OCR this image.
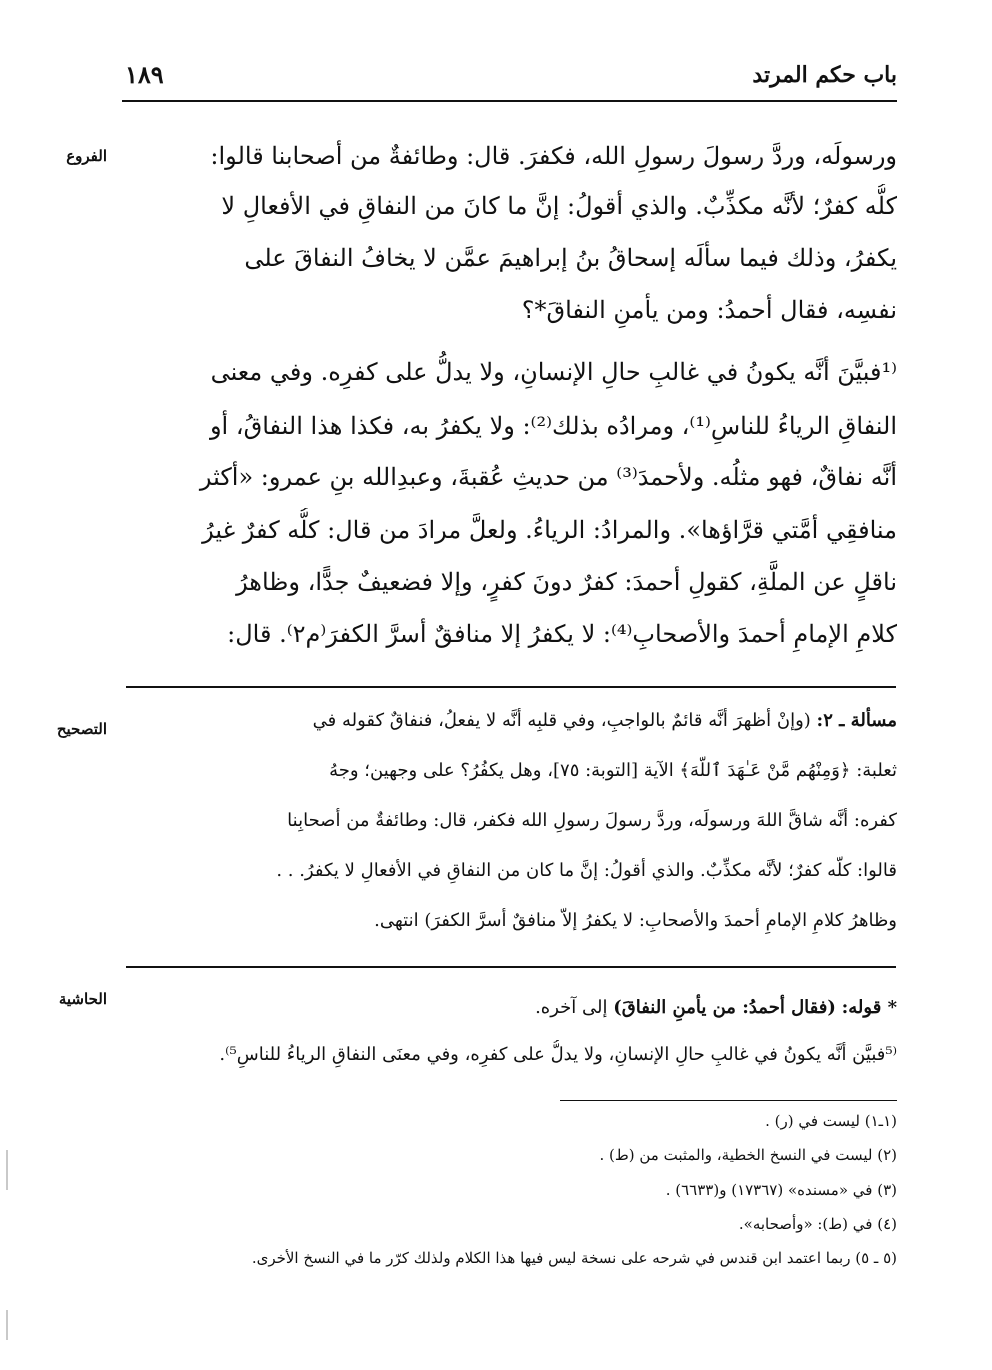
باب حكم المرتد
١٨٩
الفروع
التصحيح
الحاشية
ورسولَه، وردَّ رسولَ رسولِ الله، فكفرَ. قال: وطائفةٌ من أصحابنا قالوا:
كلُّه كفرٌ؛ لأنَّه مكذِّبٌ. والذي أقولُ: إنَّ ما كانَ من النفاقِ في الأفعالِ لا
يكفرُ، وذلك فيما سألَه إسحاقُ بنُ إبراهيمَ عمَّن لا يخافُ النفاقَ على
نفسِه، فقال أحمدُ: ومن يأمنِ النفاقَ*؟
⁽¹فبيَّنَ أنَّه يكونُ في غالبِ حالِ الإنسانِ، ولا يدلُّ على كفرِه. وفي معنى
النفاقِ الرياءُ للناسِ⁽¹⁾، ومرادُه بذلك⁽²⁾: ولا يكفرُ به، فكذا هذا النفاقُ، أو
أنَّه نفاقٌ، فهو مثلُه. ولأحمدَ⁽³⁾ من حديثِ عُقبةَ، وعبدِالله بنِ عمرو: «أكثر
منافقِي أمَّتي قرَّاؤها». والمرادُ: الرياءُ. ولعلَّ مرادَ من قال: كلُّه كفرٌ غيرُ
ناقلٍ عن الملَّةِ، كقولِ أحمدَ: كفرٌ دونَ كفرٍ، وإلا فضعيفٌ جدًّا، وظاهرُ
كلامِ الإمامِ أحمدَ والأصحابِ⁽⁴⁾: لا يكفرُ إلا منافقٌ أسرَّ الكفرَ⁽م٢⁾. قال:
مسألة ـ ٢: (وإنْ أظهرَ أنَّه قائمٌ بالواجبِ، وفي قلبِه أنَّه لا يفعلُ، فنفاقٌ كقوله في
ثعلبة: ﴿وَمِنْهُم مَّنْ عَـٰهَدَ ٱللَّهَ﴾ الآية [التوبة: ٧٥]، وهل يكفُرُ؟ على وجهين؛ وجهُ
كفره: أنَّه شاقَّ اللهَ ورسولَه، وردَّ رسولَ رسولِ الله فكفر، قال: وطائفةٌ من أصحابِنا
قالوا: كلُّه كفرٌ؛ لأنَّه مكذِّبٌ. والذي أقولُ: إنَّ ما كان من النفاقِ في الأفعالِ لا يكفرُ. . .
وظاهرُ كلامِ الإمامِ أحمدَ والأصحابِ: لا يكفرُ إلاّ منافقٌ أسرَّ الكفرَ) انتهى.
* قوله: (فقال أحمدُ: من يأمنِ النفاقَ) إلى آخره.
⁽⁵فبيَّن أنَّه يكونُ في غالبِ حالِ الإنسانِ، ولا يدلُّ على كفرِه، وفي معنَى النفاقِ الرياءُ للناسِ⁵⁾.
(١ـ١) ليست في (ر) .
(٢) ليست في النسخ الخطية، والمثبت من (ط) .
(٣) في «مسنده» (١٧٣٦٧) و(٦٦٣٣) .
(٤) في (ط): «وأصحابه».
(٥ ـ ٥) ربما اعتمد ابن قندس في شرحه على نسخة ليس فيها هذا الكلام ولذلك كرّر ما في النسخ الأخرى.
